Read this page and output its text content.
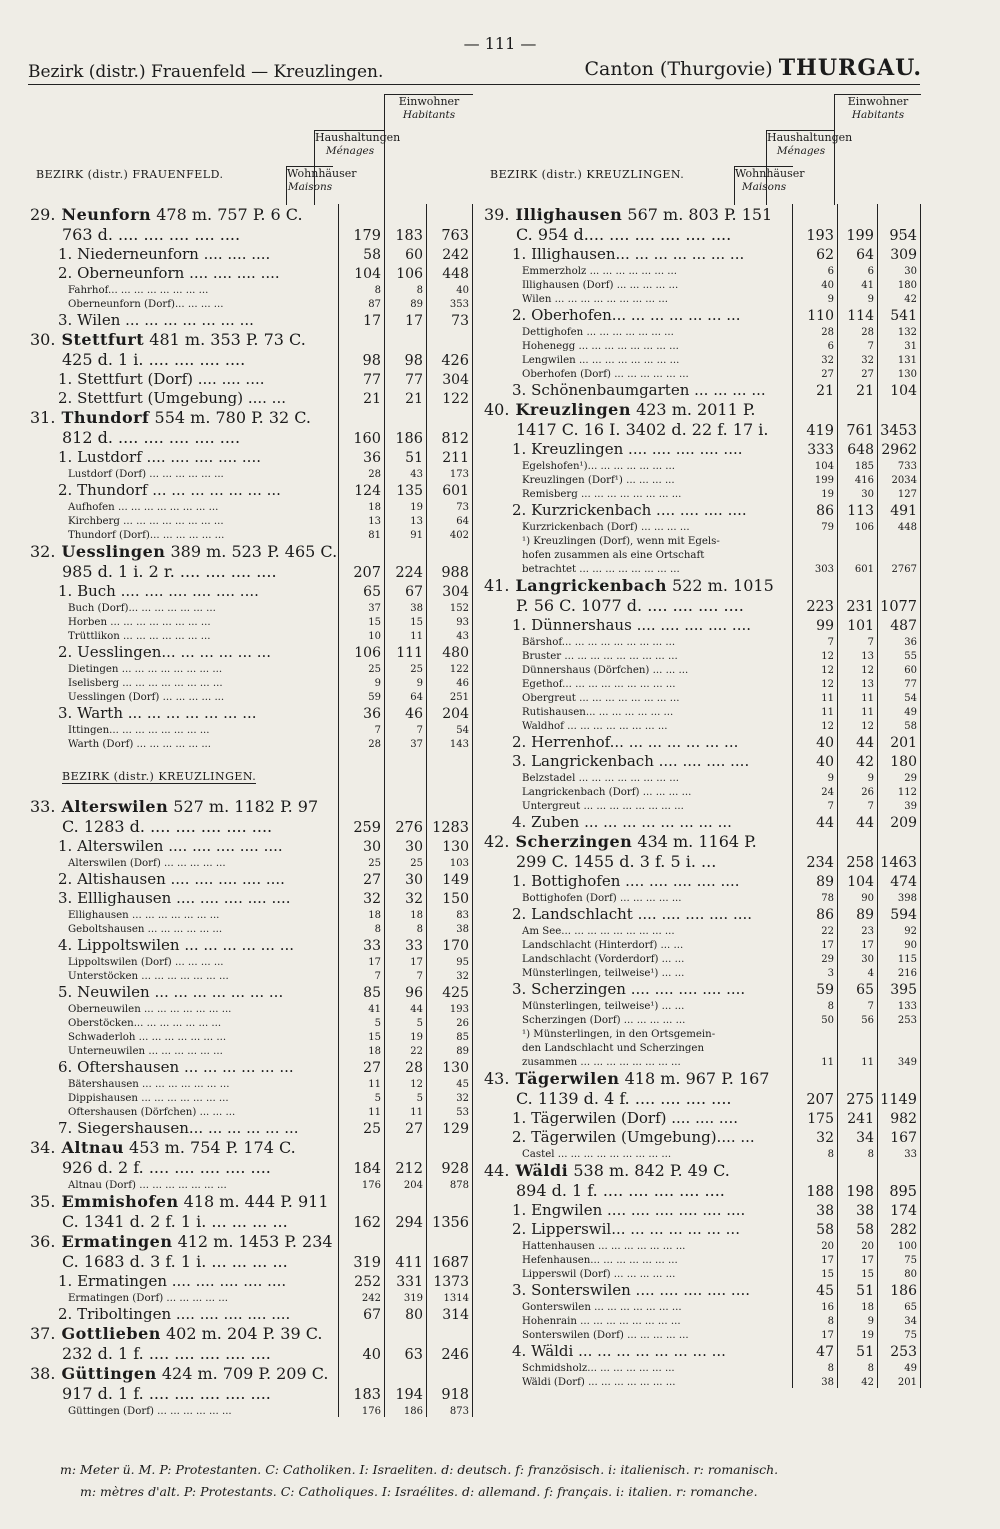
— 111 —
Bezirk (distr.) Frauenfeld — Kreuzlingen.	Canton (Thurgovie) THURGAU.
Einwohner
Habitants
Haushaltungen
Ménages
Wohnhäuser
Maisons
BEZIRK (distr.) FRAUENFELD.
29. Neunforn 478 m. 757 P. 6 C.
763 d. .... .... .... .... ....	179 183	763
1. Niederneunforn .... .... ....	58	60	242
2. Oberneunforn .... .... .... ....	104	106	448
Fahrhof... ... ... ... ... ... ... ...	8	8	40
Oberneunforn (Dorf)... ... ... ...	87	89	353
3. Wilen ... ... ... ... ... ... ...	17	17	73
30. Stettfurt 481 m. 353 P. 73 C.
425 d. 1 i. .... .... .... ....	98	98	426
1. Stettfurt (Dorf) .... .... ....	77	77	304
2. Stettfurt (Umgebung) .... ...	21	21	122
31. Thundorf 554 m. 780 P. 32 C.
812 d. .... .... .... .... ....	160 186	812
1. Lustdorf .... .... .... .... ....	36	51	211
Lustdorf (Dorf) ... ... ... ... ... ...	28	43	173
2. Thundorf ... ... ... ... ... ... ...	124	135	601
Aufhofen ... ... ... ... ... ... ... ...	18	19	73
Kirchberg ... ... ... ... ... ... ... ...	13	13	64
Thundorf (Dorf)... ... ... ... ... ...	81	91	402
32. Uesslingen 389 m. 523 P. 465 C.
985 d. 1 i. 2 r. .... .... .... ....	207 224	988
1. Buch .... .... .... .... .... ....	65	67	304
Buch (Dorf)... ... ... ... ... ... ...	37	38	152
Horben ... ... ... ... ... ... ... ...	15	15	93
Trüttlikon ... ... ... ... ... ... ...	10	11	43
2. Uesslingen... ... ... ... ... ...	106	111	480
Dietingen ... ... ... ... ... ... ... ...	25	25	122
Iselisberg ... ... ... ... ... ... ... ...	9	9	46
Uesslingen (Dorf) ... ... ... ... ...	59	64	251
3. Warth ... ... ... ... ... ... ...	36	46	204
Ittingen... ... ... ... ... ... ... ...	7	7	54
Warth (Dorf) ... ... ... ... ... ...	28	37	143
BEZIRK (distr.) KREUZLINGEN.
33. Alterswilen 527 m. 1182 P. 97
C. 1283 d. .... .... .... .... ....	259 276 1283
1. Alterswilen .... .... .... .... ....	30	30	130
Alterswilen (Dorf) ... ... ... ... ...	25	25	103
2. Altishausen .... .... .... .... ....	27	30	149
3. Elllighausen .... .... .... .... ....	32	32	150
Ellighausen ... ... ... ... ... ... ...	18	18	83
Geboltshausen ... ... ... ... ... ...	8	8	38
4. Lippoltswilen ... ... ... ... ... ...	33	33	170
Lippoltswilen (Dorf) ... ... ... ...	17	17	95
Unterstöcken ... ... ... ... ... ... ...	7	7	32
5. Neuwilen ... ... ... ... ... ... ...	85	96	425
Oberneuwilen ... ... ... ... ... ... ...	41	44	193
Oberstöcken... ... ... ... ... ... ...	5	5	26
Schwaderloh ... ... ... ... ... ... ...	15	19	85
Unterneuwilen ... ... ... ... ... ...	18	22	89
6. Oftershausen ... ... ... ... ... ...	27	28	130
Bätershausen ... ... ... ... ... ... ...	11	12	45
Dippishausen ... ... ... ... ... ... ...	5	5	32
Oftershausen (Dörfchen) ... ... ...	11	11	53
7. Siegershausen... ... ... ... ... ...	25	27	129
34. Altnau 453 m. 754 P. 174 C.
926 d. 2 f. .... .... .... .... ....	184 212	928
Altnau (Dorf) ... ... ... ... ... ... ...	176	204	878
35. Emmishofen 418 m. 444 P. 911
C. 1341 d. 2 f. 1 i. ... ... ... ...	162 294 1356
36. Ermatingen 412 m. 1453 P. 234
C. 1683 d. 3 f. 1 i. ... ... ... ...	319 411 1687
1. Ermatingen .... .... .... .... ....	252	331 1373
Ermatingen (Dorf) ... ... ... ... ...	242	319	1314
2. Triboltingen .... .... .... .... ....	67	80	314
37. Gottlieben 402 m. 204 P. 39 C.
232 d. 1 f. .... .... .... .... ....	40	63	246
38. Güttingen 424 m. 709 P. 209 C.
917 d. 1 f. .... .... .... .... ....	183 194	918
Güttingen (Dorf) ... ... ... ... ... ...	176	186	873
Einwohner
Habitants
Haushaltungen
Ménages
Wohnhäuser
Maisons
BEZIRK (distr.) KREUZLINGEN.
39. Illighausen 567 m. 803 P. 151
C. 954 d.... .... .... .... .... ....	193 199	954
1. Illighausen... ... ... ... ... ... ...	62	64	309
Emmerzholz ... ... ... ... ... ... ...	6	6	30
Illighausen (Dorf) ... ... ... ... ...	40	41	180
Wilen ... ... ... ... ... ... ... ... ...	9	9	42
2. Oberhofen... ... ... ... ... ... ...	110 114	541
Dettighofen ... ... ... ... ... ... ...	28	28	132
Hohenegg ... ... ... ... ... ... ... ...	6	7	31
Lengwilen ... ... ... ... ... ... ... ...	32	32	131
Oberhofen (Dorf) ... ... ... ... ... ...	27	27	130
3. Schönenbaumgarten ... ... ... ...	21	21	104
40. Kreuzlingen 423 m. 2011 P.
1417 C. 16 I. 3402 d. 22 f. 17 i.	419 761 3453
1. Kreuzlingen .... .... .... .... ....	333 648 2962
Egelshofen¹)... ... ... ... ... ... ...	104	185	733
Kreuzlingen (Dorf¹) ... ... ... ...	199	416	2034
Remisberg ... ... ... ... ... ... ... ...	19	30	127
2. Kurzrickenbach .... .... .... ....	86 113	491
Kurzrickenbach (Dorf) ... ... ... ...	79	106	448
¹) Kreuzlingen (Dorf), wenn mit Egels-
hofen zusammen als eine Ortschaft
betrachtet ... ... ... ... ... ... ... ...	303	601	2767
41. Langrickenbach 522 m. 1015
P. 56 C. 1077 d. .... .... .... ....	223 231 1077
1. Dünnershaus .... .... .... .... ....	99 101	487
Bärshof... ... ... ... ... ... ... ... ...	7	7	36
Bruster ... ... ... ... ... ... ... ... ...	12	13	55
Dünnershaus (Dörfchen) ... ... ...	12	12	60
Egethof... ... ... ... ... ... ... ... ...	12	13	77
Obergreut ... ... ... ... ... ... ... ...	11	11	54
Rutishausen... ... ... ... ... ... ...	11	11	49
Waldhof ... ... ... ... ... ... ... ...	12	12	58
2. Herrenhof... ... ... ... ... ... ...	40	44	201
3. Langrickenbach .... .... .... ....	40	42	180
Belzstadel ... ... ... ... ... ... ... ...	9	9	29
Langrickenbach (Dorf) ... ... ... ...	24	26	112
Untergreut ... ... ... ... ... ... ... ...	7	7	39
4. Zuben ... ... ... ... ... ... ... ...	44	44	209
42. Scherzingen 434 m. 1164 P.
299 C. 1455 d. 3 f. 5 i. ...	234 258 1463
1. Bottighofen .... .... .... .... ....	89 104	474
Bottighofen (Dorf) ... ... ... ... ...	78	90	398
2. Landschlacht .... .... .... .... ....	86	89	594
Am See... ... ... ... ... ... ... ... ...	22	23	92
Landschlacht (Hinterdorf) ... ...	17	17	90
Landschlacht (Vorderdorf) ... ...	29	30	115
Münsterlingen, teilweise¹) ... ...	3	4	216
3. Scherzingen .... .... .... .... ....	59	65	395
Münsterlingen, teilweise¹) ... ...	8	7	133
Scherzingen (Dorf) ... ... ... ... ...	50	56	253
¹) Münsterlingen, in den Ortsgemein-
den Landschlacht und Scherzingen
zusammen ... ... ... ... ... ... ... ...	11	11	349
43. Tägerwilen 418 m. 967 P. 167
C. 1139 d. 4 f. .... .... .... ....	207 275 1149
1. Tägerwilen (Dorf) .... .... ....	175 241	982
2. Tägerwilen (Umgebung).... ...	32	34	167
Castel ... ... ... ... ... ... ... ... ...	8	8	33
44. Wäldi 538 m. 842 P. 49 C.
894 d. 1 f. .... .... .... .... ....	188 198	895
1. Engwilen .... .... .... .... .... ....	38	38	174
2. Lipperswil... ... ... ... ... ... ...	58	58	282
Hattenhausen ... ... ... ... ... ... ...	20	20	100
Hefenhausen... ... ... ... ... ... ...	17	17	75
Lipperswil (Dorf) ... ... ... ... ...	15	15	80
3. Sonterswilen .... .... .... .... ....	45	51	186
Gonterswilen ... ... ... ... ... ... ...	16	18	65
Hohenrain ... ... ... ... ... ... ... ...	8	9	34
Sonterswilen (Dorf) ... ... ... ... ...	17	19	75
4. Wäldi ... ... ... ... ... ... ... ...	47	51	253
Schmidsholz... ... ... ... ... ... ...	8	8	49
Wäldi (Dorf) ... ... ... ... ... ... ...	38	42	201
m: Meter ü. M. P: Protestanten. C: Catholiken. I: Israeliten. d: deutsch. f: französisch. i: italienisch. r: romanisch.
m: mètres d'alt. P: Protestants. C: Catholiques. I: Israélites. d: allemand. f: français. i: italien. r: romanche.
